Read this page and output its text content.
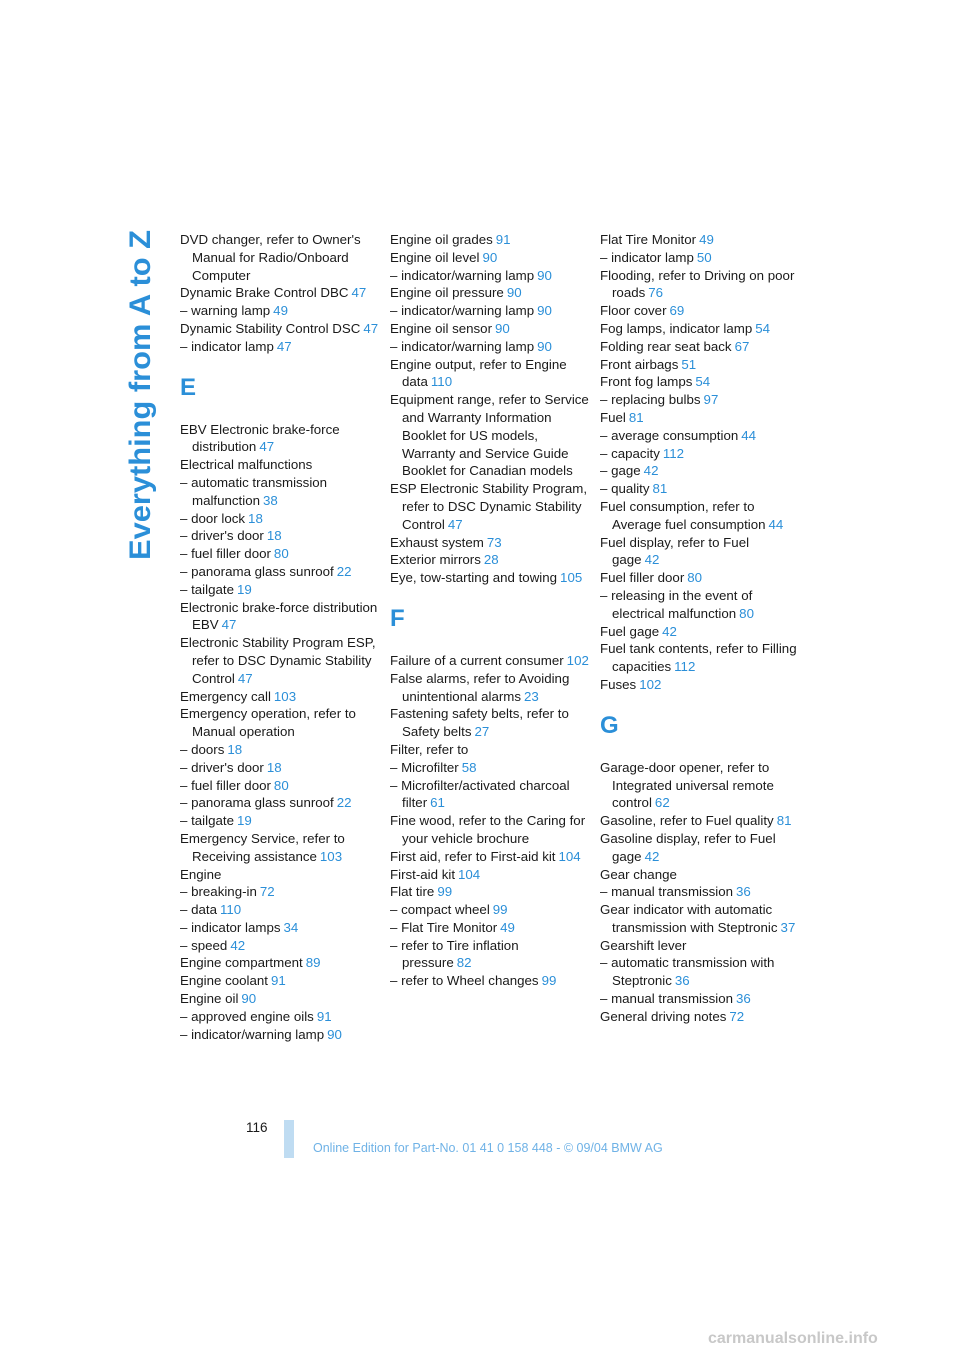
Everything from A to Z DVD changer, refer to Owner's Manual for Radio/Onboard Computer

Dynamic Brake Control DBC 47

– warning lamp 49

Dynamic Stability Control DSC 47

– indicator lamp 47

E

EBV Electronic brake-force distribution 47

Electrical malfunctions

– automatic transmission malfunction 38

– door lock 18

– driver's door 18

– fuel filler door 80

– panorama glass sunroof 22

– tailgate 19

Electronic brake-force distribution EBV 47

Electronic Stability Program ESP, refer to DSC Dynamic Stability Control 47

Emergency call 103

Emergency operation, refer to Manual operation

– doors 18

– driver's door 18

– fuel filler door 80

– panorama glass sunroof 22

– tailgate 19

Emergency Service, refer to Receiving assistance 103

Engine

– breaking-in 72

– data 110

– indicator lamps 34

– speed 42

Engine compartment 89

Engine coolant 91

Engine oil 90

– approved engine oils 91

– indicator/warning lamp 90

Engine oil grades 91

Engine oil level 90

– indicator/warning lamp 90

Engine oil pressure 90

– indicator/warning lamp 90

Engine oil sensor 90

– indicator/warning lamp 90

Engine output, refer to Engine data 110

Equipment range, refer to Service and Warranty Information Booklet for US models, Warranty and Service Guide Booklet for Canadian models

ESP Electronic Stability Program, refer to DSC Dynamic Stability Control 47

Exhaust system 73

Exterior mirrors 28

Eye, tow-starting and towing 105

F

Failure of a current consumer 102

False alarms, refer to Avoiding unintentional alarms 23

Fastening safety belts, refer to Safety belts 27

Filter, refer to

– Microfilter 58

– Microfilter/activated charcoal filter 61

Fine wood, refer to the Caring for your vehicle brochure

First aid, refer to First-aid kit 104

First-aid kit 104

Flat tire 99

– compact wheel 99

– Flat Tire Monitor 49

– refer to Tire inflation pressure 82

– refer to Wheel changes 99

Flat Tire Monitor 49

– indicator lamp 50

Flooding, refer to Driving on poor roads 76

Floor cover 69

Fog lamps, indicator lamp 54

Folding rear seat back 67

Front airbags 51

Front fog lamps 54

– replacing bulbs 97

Fuel 81

– average consumption 44

– capacity 112

– gage 42

– quality 81

Fuel consumption, refer to Average fuel consumption 44

Fuel display, refer to Fuel gage 42

Fuel filler door 80

– releasing in the event of electrical malfunction 80

Fuel gage 42

Fuel tank contents, refer to Filling capacities 112

Fuses 102

G

Garage-door opener, refer to Integrated universal remote control 62

Gasoline, refer to Fuel quality 81

Gasoline display, refer to Fuel gage 42

Gear change

– manual transmission 36

Gear indicator with automatic transmission with Steptronic 37

Gearshift lever

– automatic transmission with Steptronic 36

– manual transmission 36

General driving notes 72

116
Online Edition for Part-No. 01 41 0 158 448 - © 09/04 BMW AG
carmanualsonline.info
